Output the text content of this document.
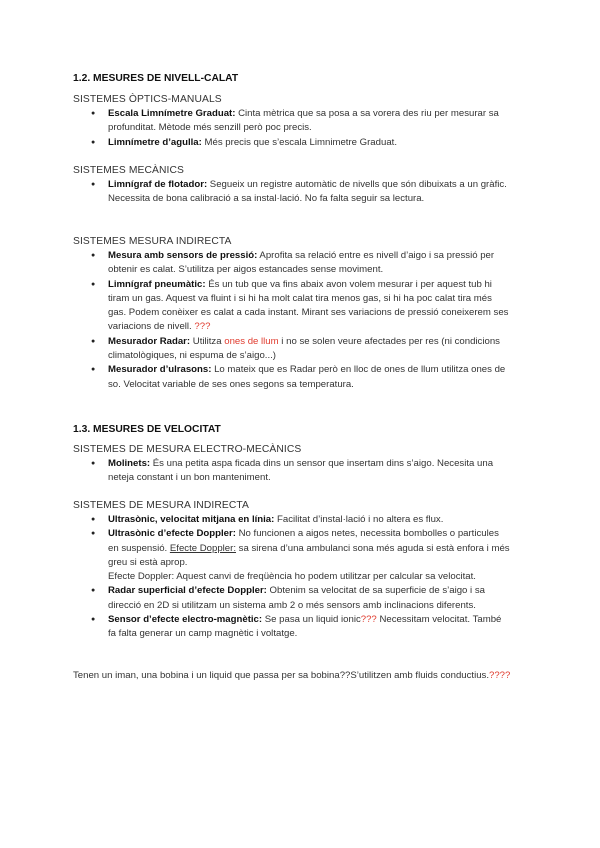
1.2. MESURES DE NIVELL-CALAT

SISTEMES ÒPTICS-MANUALS

● Escala Limnímetre Graduat: Cinta mètrica que sa posa a sa vorera des riu per mesurar sa profunditat. Mètode més senzill però poc precis.
● Limnímetre d’agulla: Més precis que s’escala Limnimetre Graduat.

SISTEMES MECÀNICS

● Limnígraf de flotador: Segueix un registre automàtic de nivells que són dibuixats a un gràfic. Necessita de bona calibració a sa instal·lació. No fa falta seguir sa lectura.

SISTEMES MESURA INDIRECTA

● Mesura amb sensors de pressió: Aprofita sa relació entre es nivell d’aigo i sa pressió per obtenir es calat. S’utilitza per aigos estancades sense moviment.
● Limnígraf pneumàtic: És un tub que va fins abaix avon volem mesurar i per aquest tub hi tiram un gas. Aquest va fluint i si hi ha molt calat tira menos gas, si hi ha poc calat tira més gas. Podem conèixer es calat a cada instant. Mirant ses variacions de pressió coneixerem ses variacions de nivell. ???
● Mesurador Radar: Utilitza ones de llum i no se solen veure afectades per res (ni condicions climatològiques, ni espuma de s’aigo...)
● Mesurador d’ulrasons: Lo mateix que es Radar però en lloc de ones de llum utilitza ones de so. Velocitat variable de ses ones segons sa temperatura.

1.3. MESURES DE VELOCITAT

SISTEMES DE MESURA ELECTRO-MECÀNICS

● Molinets: És una petita aspa ficada dins un sensor que insertam dins s’aigo. Necesita una neteja constant i un bon manteniment.

SISTEMES DE MESURA INDIRECTA

● Ultrasònic, velocitat mitjana en línia: Facilitat d’instal·lació i no altera es flux.
● Ultrasònic d’efecte Doppler: No funcionen a aigos netes, necessita bombolles o particules en suspensió. Efecte Doppler: sa sirena d’una ambulanci sona més aguda si està enfora i més greu si està aprop.
Efecte Doppler: Aquest canvi de freqüència ho podem utilitzar per calcular sa velocitat.
● Radar superficial d’efecte Doppler: Obtenim sa velocitat de sa superficie de s’aigo i sa direcció en 2D si utilitzam un sistema amb 2 o més sensors amb inclinacions diferents.
● Sensor d’efecte electro-magnètic: Se pasa un liquid ionic??? Necessitam velocitat. També fa falta generar un camp magnètic i voltatge.

Tenen un iman, una bobina i un liquid que passa per sa bobina??S’utilitzen amb fluids conductius.????
